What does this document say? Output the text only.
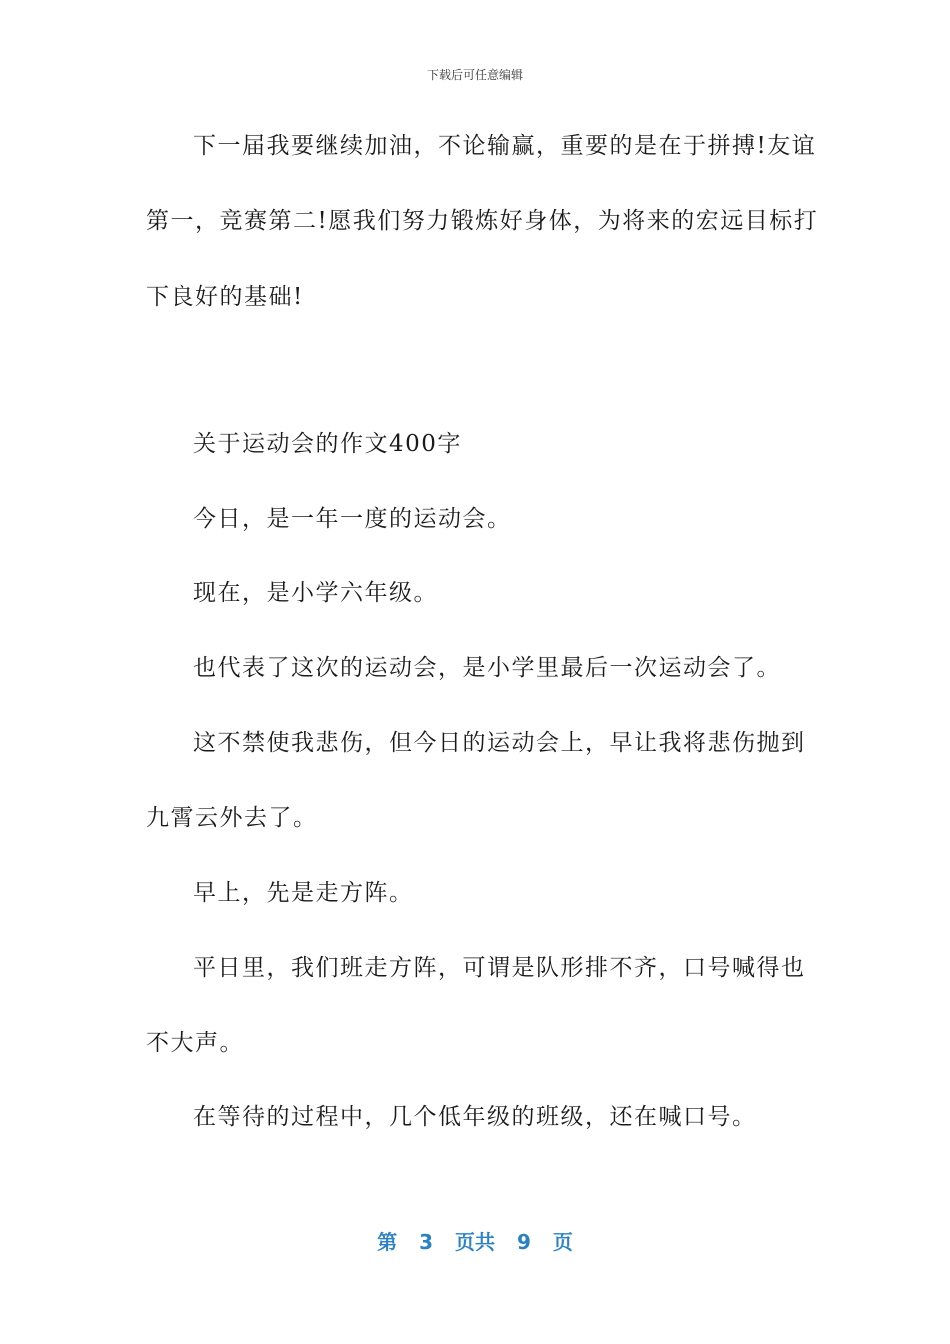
下载后可任意编辑
下一届我要继续加油，不论输赢，重要的是在于拼搏!友谊
第一，竞赛第二!愿我们努力锻炼好身体，为将来的宏远目标打
下良好的基础!
关于运动会的作文400字
今日，是一年一度的运动会。
现在，是小学六年级。
也代表了这次的运动会，是小学里最后一次运动会了。
这不禁使我悲伤，但今日的运动会上，早让我将悲伤抛到
九霄云外去了。
早上，先是走方阵。
平日里，我们班走方阵，可谓是队形排不齐，口号喊得也
不大声。
在等待的过程中，几个低年级的班级，还在喊口号。
第 3 页共 9 页
